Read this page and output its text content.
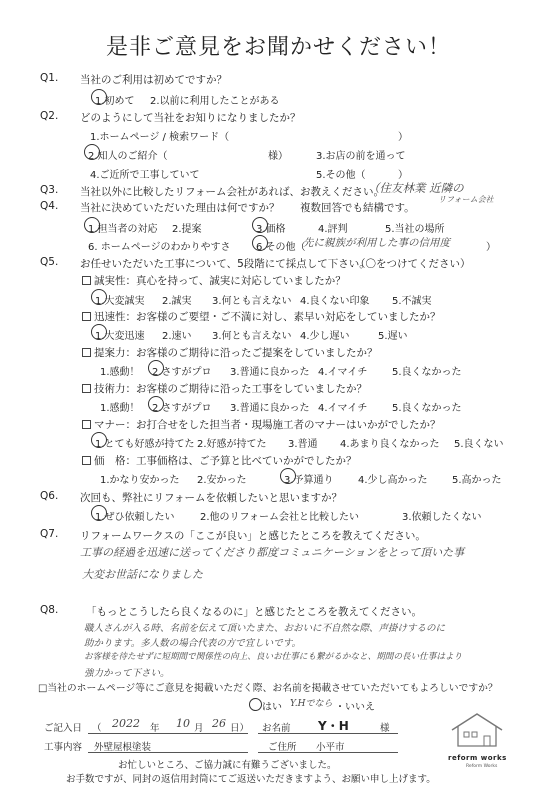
是非ご意見をお聞かせください！
Q1. 当社のご利用は初めてですか？
1.初めて 2.以前に利用したことがある
Q2. どのようにして当社をお知りになりましたか？
1.ホームページ / 検索ワード（	）
2.知人のご紹介（	様）	3.お店の前を通って
4.ご近所で工事していて	5.その他（	）
Q3. 当社以外に比較したリフォーム会社があれば、お教えください。
（住友林業 近隣の
リフォーム会社
Q4. 当社に決めていただいた理由は何ですか？ 複数回答でも結構です。
1.担当者の対応 2.提案	3.価格	4.評判	5.当社の場所
6. ホームページのわかりやすさ	6.その他（
先に親族が利用した事の信用度	）
Q5. お任せいただいた工事について、5段階にて採点して下さい。
（〇をつけてください）
誠実性：真心を持って、誠実に対応していましたか？
1.大変誠実 2.誠実 3.何とも言えない 4.良くない印象 5.不誠実
迅速性：お客様のご要望・ご不満に対し、素早い対応をしていましたか？
1.大変迅速 2.速い 3.何とも言えない 4.少し遅い	5.遅い
提案力：お客様のご期待に沿ったご提案をしていましたか？
1.感動！ 2.さすがプロ 3.普通に良かった 4.イマイチ 5.良くなかった
技術力：お客様のご期待に沿った工事をしていましたか？
1.感動！ 2.さすがプロ 3.普通に良かった 4.イマイチ 5.良くなかった
マナー：お打合せをした担当者・現場施工者のマナーはいかがでしたか？
1.とても好感が持てた 2.好感が持てた 3.普通 4.あまり良くなかった 5.良くない
価　格：工事価格は、ご予算と比べていかがでしたか？
1.かなり安かった 2.安かった	3.予算通り 4.少し高かった 5.高かった
Q6. 次回も、弊社にリフォームを依頼したいと思いますか？
1.ぜひ依頼したい	2.他のリフォーム会社と比較したい	3.依頼したくない
Q7. リフォームワークスの「ここが良い」と感じたところを教えてください。
工事の経過を迅速に送ってくださり都度コミュニケーションをとって頂いた事
大変お世話になりました
Q8.	「もっとこうしたら良くなるのに」と感じたところを教えてください。
職人さんが入る時、名前を伝えて頂いたまた、おおいに不自然な際、声掛けするのに
助かります。多人数の場合代表の方で宜しいです。
お客様を待たせずに短期間で関係性の向上、良いお仕事にも繋がるかなと、期間の長い仕事はより
強力かって下さい。
□当社のホームページ等にご意見を掲載いただく際、お名前を掲載させていただいてもよろしいですか？
はい Y.Hでなら ・いいえ
ご記入日 （ 2022 年 10 月 26 日） お名前 Y・H	様
工事内容 外壁屋根塗装	ご住所 小平市
お忙しいところ、ご協力誠に有難うございました。
お手数ですが、同封の返信用封筒にてご返送いただきますよう、お願い申し上げます。
reform works
Reform Works
